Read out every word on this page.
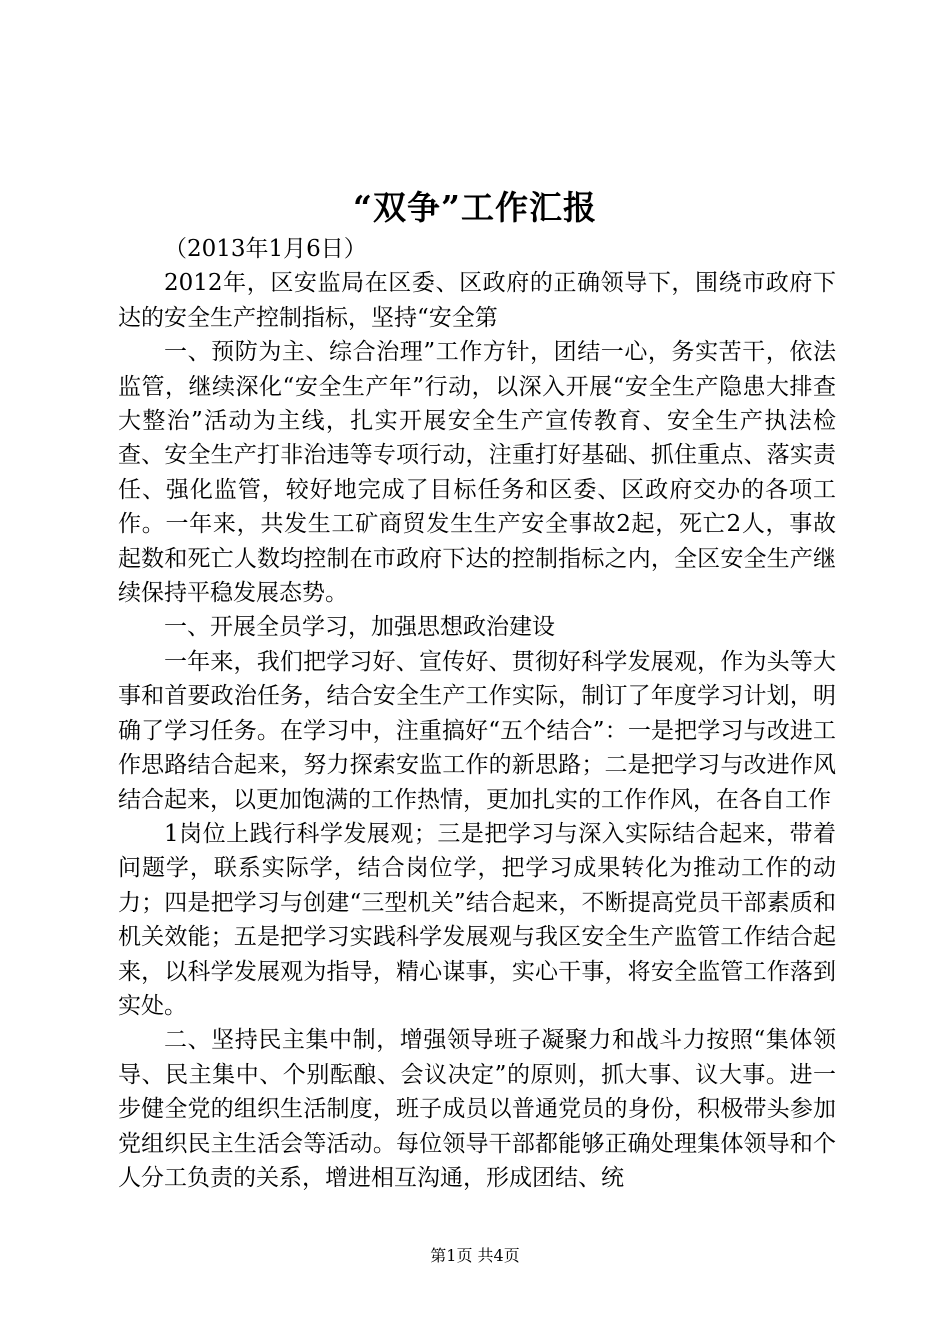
“双争”工作汇报

（2013年1月6日）

2012年，区安监局在区委、区政府的正确领导下，围绕市政府下达的安全生产控制指标，坚持“安全第

一、预防为主、综合治理”工作方针，团结一心，务实苦干，依法监管，继续深化“安全生产年”行动，以深入开展“安全生产隐患大排查大整治”活动为主线，扎实开展安全生产宣传教育、安全生产执法检查、安全生产打非治违等专项行动，注重打好基础、抓住重点、落实责任、强化监管，较好地完成了目标任务和区委、区政府交办的各项工作。一年来，共发生工矿商贸发生生产安全事故2起，死亡2人，事故起数和死亡人数均控制在市政府下达的控制指标之内，全区安全生产继续保持平稳发展态势。

一、开展全员学习，加强思想政治建设

一年来，我们把学习好、宣传好、贯彻好科学发展观，作为头等大事和首要政治任务，结合安全生产工作实际，制订了年度学习计划，明确了学习任务。在学习中，注重搞好“五个结合”：一是把学习与改进工作思路结合起来，努力探索安监工作的新思路；二是把学习与改进作风结合起来，以更加饱满的工作热情，更加扎实的工作作风，在各自工作

1岗位上践行科学发展观；三是把学习与深入实际结合起来，带着问题学，联系实际学，结合岗位学，把学习成果转化为推动工作的动力；四是把学习与创建“三型机关”结合起来，不断提高党员干部素质和机关效能；五是把学习实践科学发展观与我区安全生产监管工作结合起来，以科学发展观为指导，精心谋事，实心干事，将安全监管工作落到实处。

二、坚持民主集中制，增强领导班子凝聚力和战斗力按照“集体领导、民主集中、个别酝酿、会议决定”的原则，抓大事、议大事。进一步健全党的组织生活制度，班子成员以普通党员的身份，积极带头参加党组织民主生活会等活动。每位领导干部都能够正确处理集体领导和个人分工负责的关系，增进相互沟通，形成团结、统

第1页 共4页
